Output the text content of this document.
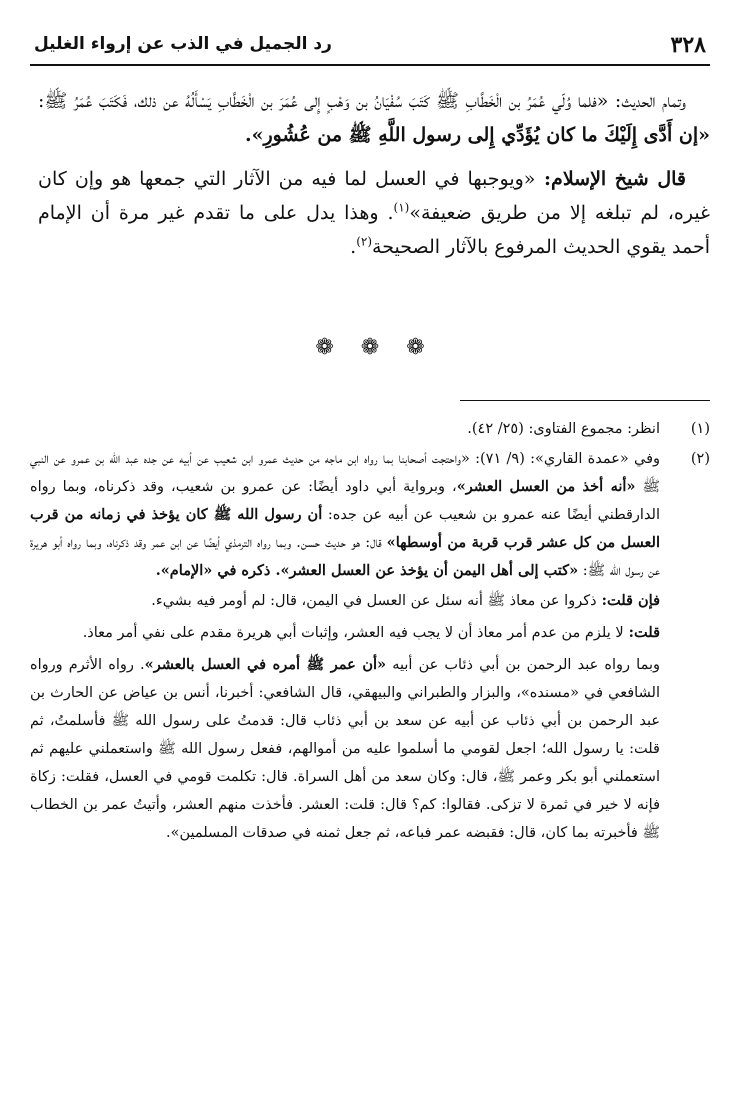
٣٢٨
رد الجميل في الذب عن إرواء الغليل

وتمام الحديث: «فلما وُلّي عُمَرُ بن الْخَطَّابِ ﷺ كَتَبَ سُفْيَانُ بن وَهْبٍ إِلى عُمَرَ بن الْخَطَّابِ يَسْأَلُهُ عن ذلك، فَكَتَبَ عُمَرُ ﷺ: «إن أَدَّى إِلَيْكَ ما كان يُؤَدِّي إِلى رسول اللَّهِ ﷺ من عُشُورِ».

قال شيخ الإسلام: «ويوجبها في العسل لما فيه من الآثار التي جمعها هو وإن كان غيره، لم تبلغه إلا من طريق ضعيفة»$^{(١)}$. وهذا يدل على ما تقدم غير مرة أن الإمام أحمد يقوي الحديث المرفوع بالآثار الصحيحة$^{(٢)}$.

❁ ❁ ❁
(١)
انظر: مجموع الفتاوى: (٢٥/ ٤٢).
(٢)
وفي «عمدة القاري»: (٩/ ٧١): «واحتجت أصحابنا بما رواه ابن ماجه من حديث عمرو ابن شعيب عن أبيه عن جده عبد الله بن عمرو عن النبي ﷺ «أنه أخذ من العسل العشر»، وبرواية أبي داود أيضًا: عن عمرو بن شعيب، وقد ذكرناه، وبما رواه الدارقطني أيضًا عنه عمرو بن شعيب عن أبيه عن جده: أن رسول الله ﷺ كان يؤخذ في زمانه من قرب العسل من كل عشر قرب قربة من أوسطها» قال: هو حديث حسن. وبما رواه الترمذي أيضًا عن ابن عمر وقد ذكرناه، وبما رواه أبو هريرة عن رسول الله ﷺ: «كتب إلى أهل اليمن أن يؤخذ عن العسل العشر». ذكره في «الإمام».
فإن قلت: ذكروا عن معاذ ﷺ أنه سئل عن العسل في اليمن، قال: لم أومر فيه بشيء.
قلت: لا يلزم من عدم أمر معاذ أن لا يجب فيه العشر، وإثبات أبي هريرة مقدم على نفي أمر معاذ.
وبما رواه عبد الرحمن بن أبي ذئاب عن أبيه «أن عمر ﷺ أمره في العسل بالعشر». رواه الأثرم ورواه الشافعي في «مسنده»، والبزار والطبراني والبيهقي، قال الشافعي: أخبرنا، أنس بن عياض عن الحارث بن عبد الرحمن بن أبي ذئاب عن أبيه عن سعد بن أبي ذئاب قال: قدمتُ على رسول الله ﷺ فأسلمتُ، ثم قلت: يا رسول الله؛ اجعل لقومي ما أسلموا عليه من أموالهم، ففعل رسول الله ﷺ واستعملني عليهم ثم استعملني أبو بكر وعمر ﷺ، قال: وكان سعد من أهل السراة. قال: تكلمت قومي في العسل، فقلت: زكاة فإنه لا خير في ثمرة لا تزكى. فقالوا: كم؟ قال: قلت: العشر. فأخذت منهم العشر، وأتيتُ عمر بن الخطاب ﷺ فأخبرته بما كان، قال: فقبضه عمر فباعه، ثم جعل ثمنه في صدقات المسلمين».
